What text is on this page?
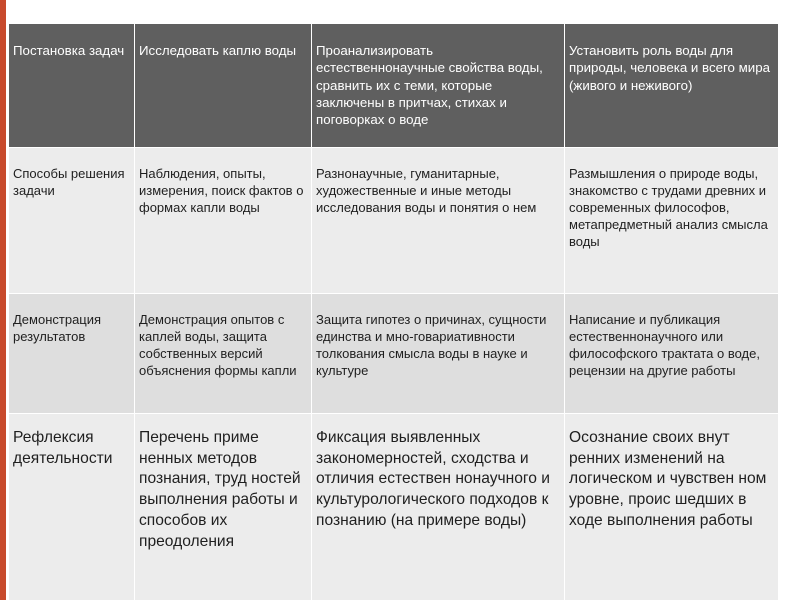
Постановка задач	Исследовать каплю воды	Проанализировать естественнонаучные свойства воды, сравнить их с теми, которые заключены в притчах, стихах и поговорках о воде	Установить роль воды для природы, человека и всего мира (живого и неживого)
Способы решения задачи	Наблюдения, опыты, измерения, поиск фактов о формах капли воды	Разнонаучные, гуманитарные, художественные и иные методы исследования воды и понятия о нем	Размышления о природе воды, знакомство с трудами древних и современных философов, метапредметный анализ смысла воды
Демонстрация результатов	Демонстрация опытов с каплей воды, защита собственных версий объяснения формы капли	Защита гипотез о причинах, сущности единства и мно-говариативности толкования смысла воды в науке и культуре	Написание и публикация естественнонаучного или философского трактата о воде, рецензии на другие работы
Рефлексия деятельности	Перечень приме ненных методов познания, труд ностей выполнения работы и способов их преодоления	Фиксация выявленных закономерностей, сходства и отличия естествен нонаучного и культурологического подходов к познанию (на примере воды)	Осознание своих внут ренних изменений на логическом и чувствен ном уровне, проис шедших в ходе выполнения работы
